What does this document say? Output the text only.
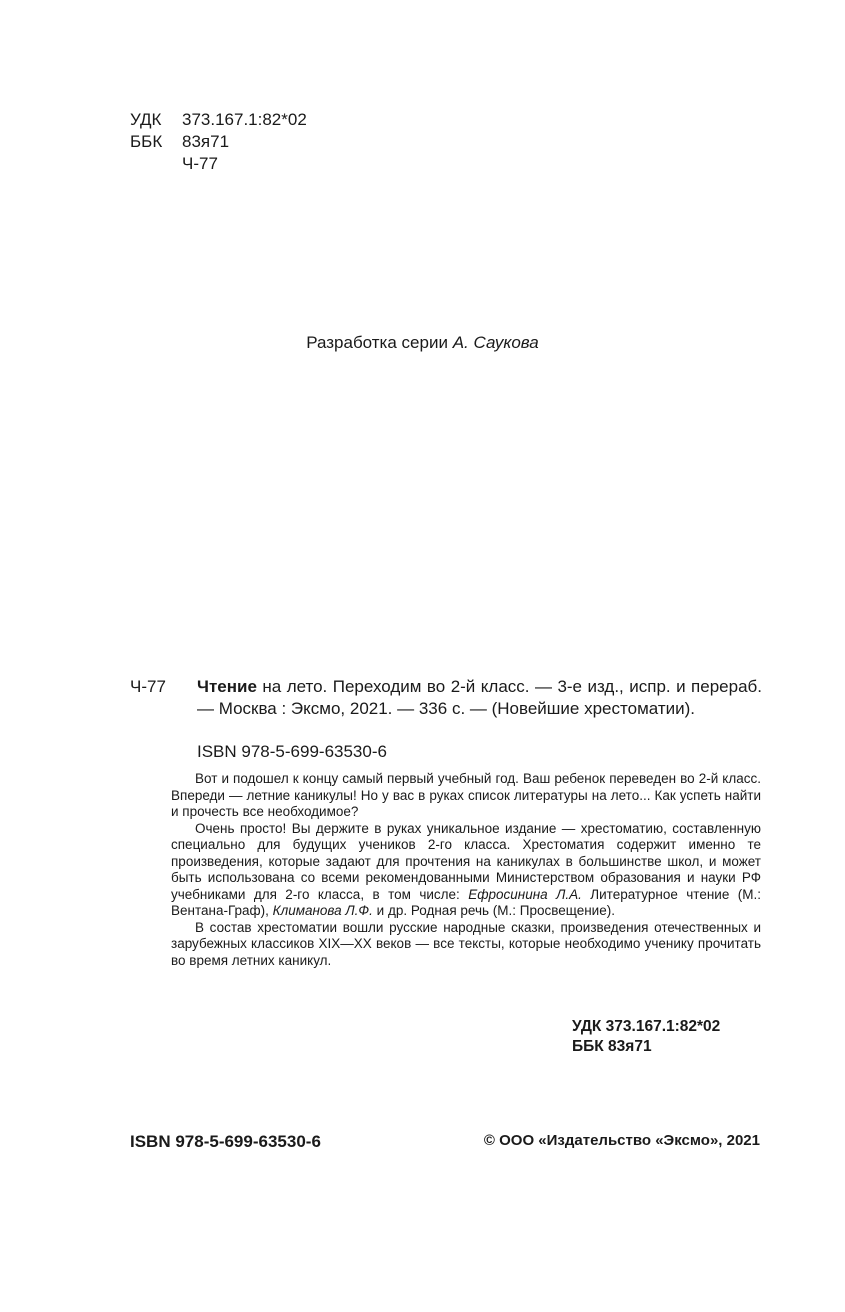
УДК	373.167.1:82*02
ББК	83я71
Ч-77
Разработка серии А. Саукова
Ч-77 Чтение на лето. Переходим во 2-й класс. — 3-е изд., испр. и перераб. — Москва : Эксмо, 2021. — 336 с. — (Новейшие хрестоматии).
ISBN 978-5-699-63530-6

Вот и подошел к концу самый первый учебный год. Ваш ребенок переведен во 2-й класс. Впереди — летние каникулы! Но у вас в руках список литературы на лето... Как успеть найти и прочесть все необходимое?

Очень просто! Вы держите в руках уникальное издание — хрестоматию, составленную специально для будущих учеников 2-го класса. Хрестоматия содержит именно те произведения, которые задают для прочтения на каникулах в большинстве школ, и может быть использована со всеми рекомендованными Министерством образования и науки РФ учебниками для 2-го класса, в том числе: Ефросинина Л.А. Литературное чтение (М.: Вентана-Граф), Климанова Л.Ф. и др. Родная речь (М.: Просвещение).

В состав хрестоматии вошли русские народные сказки, произведения отечественных и зарубежных классиков XIX—XX веков — все тексты, которые необходимо ученику прочитать во время летних каникул.

УДК 373.167.1:82*02
ББК 83я71
ISBN 978-5-699-63530-6	© ООО «Издательство «Эксмо», 2021
